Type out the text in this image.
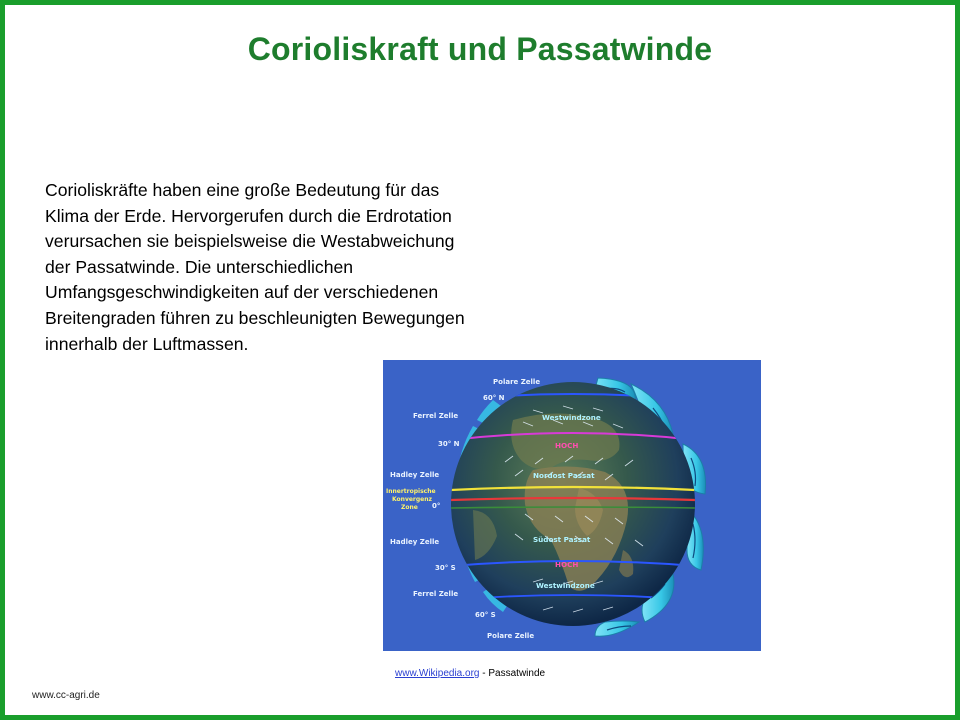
Corioliskraft und Passatwinde
Corioliskräfte haben eine große Bedeutung für das
Klima der Erde. Hervorgerufen durch die Erdrotation
verursachen sie beispielsweise die Westabweichung
der Passatwinde. Die unterschiedlichen
Umfangsgeschwindigkeiten auf der verschiedenen
Breitengraden führen zu beschleunigten Bewegungen
innerhalb der Luftmassen.
Westwindzone
HOCH
Nordost Passat
Südost Passat
HOCH
Westwindzone
Polare Zelle
60° N
Ferrel Zelle
30° N
Hadley Zelle
Innertropische
Konvergenz
Zone 0°
Hadley Zelle
30° S
Ferrel Zelle
60° S
Polare Zelle
www.Wikipedia.org - Passatwinde
www.cc-agri.de
